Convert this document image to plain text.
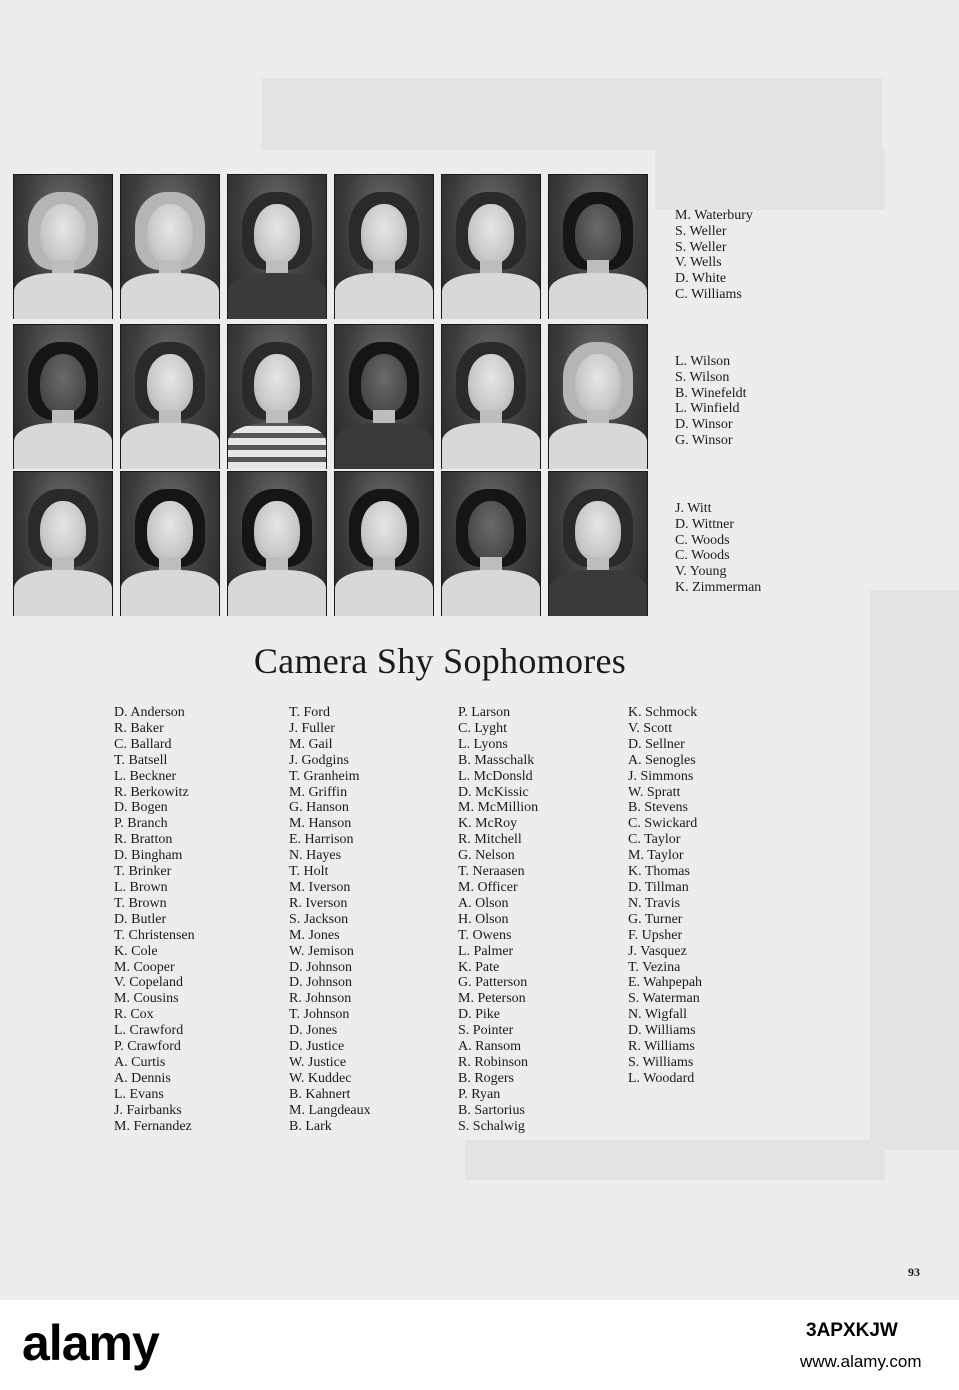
M. Waterbury
S. Weller
S. Weller
V. Wells
D. White
C. Williams
L. Wilson
S. Wilson
B. Winefeldt
L. Winfield
D. Winsor
G. Winsor
J. Witt
D. Wittner
C. Woods
C. Woods
V. Young
K. Zimmerman
Camera Shy Sophomores
D. Anderson
R. Baker
C. Ballard
T. Batsell
L. Beckner
R. Berkowitz
D. Bogen
P. Branch
R. Bratton
D. Bingham
T. Brinker
L. Brown
T. Brown
D. Butler
T. Christensen
K. Cole
M. Cooper
V. Copeland
M. Cousins
R. Cox
L. Crawford
P. Crawford
A. Curtis
A. Dennis
L. Evans
J. Fairbanks
M. Fernandez
T. Ford
J. Fuller
M. Gail
J. Godgins
T. Granheim
M. Griffin
G. Hanson
M. Hanson
E. Harrison
N. Hayes
T. Holt
M. Iverson
R. Iverson
S. Jackson
M. Jones
W. Jemison
D. Johnson
D. Johnson
R. Johnson
T. Johnson
D. Jones
D. Justice
W. Justice
W. Kuddec
B. Kahnert
M. Langdeaux
B. Lark
P. Larson
C. Lyght
L. Lyons
B. Masschalk
L. McDonsld
D. McKissic
M. McMillion
K. McRoy
R. Mitchell
G. Nelson
T. Neraasen
M. Officer
A. Olson
H. Olson
T. Owens
L. Palmer
K. Pate
G. Patterson
M. Peterson
D. Pike
S. Pointer
A. Ransom
R. Robinson
B. Rogers
P. Ryan
B. Sartorius
S. Schalwig
K. Schmock
V. Scott
D. Sellner
A. Senogles
J. Simmons
W. Spratt
B. Stevens
C. Swickard
C. Taylor
M. Taylor
K. Thomas
D. Tillman
N. Travis
G. Turner
F. Upsher
J. Vasquez
T. Vezina
E. Wahpepah
S. Waterman
N. Wigfall
D. Williams
R. Williams
S. Williams
L. Woodard
93
alamy	3APXKJW
www.alamy.com
